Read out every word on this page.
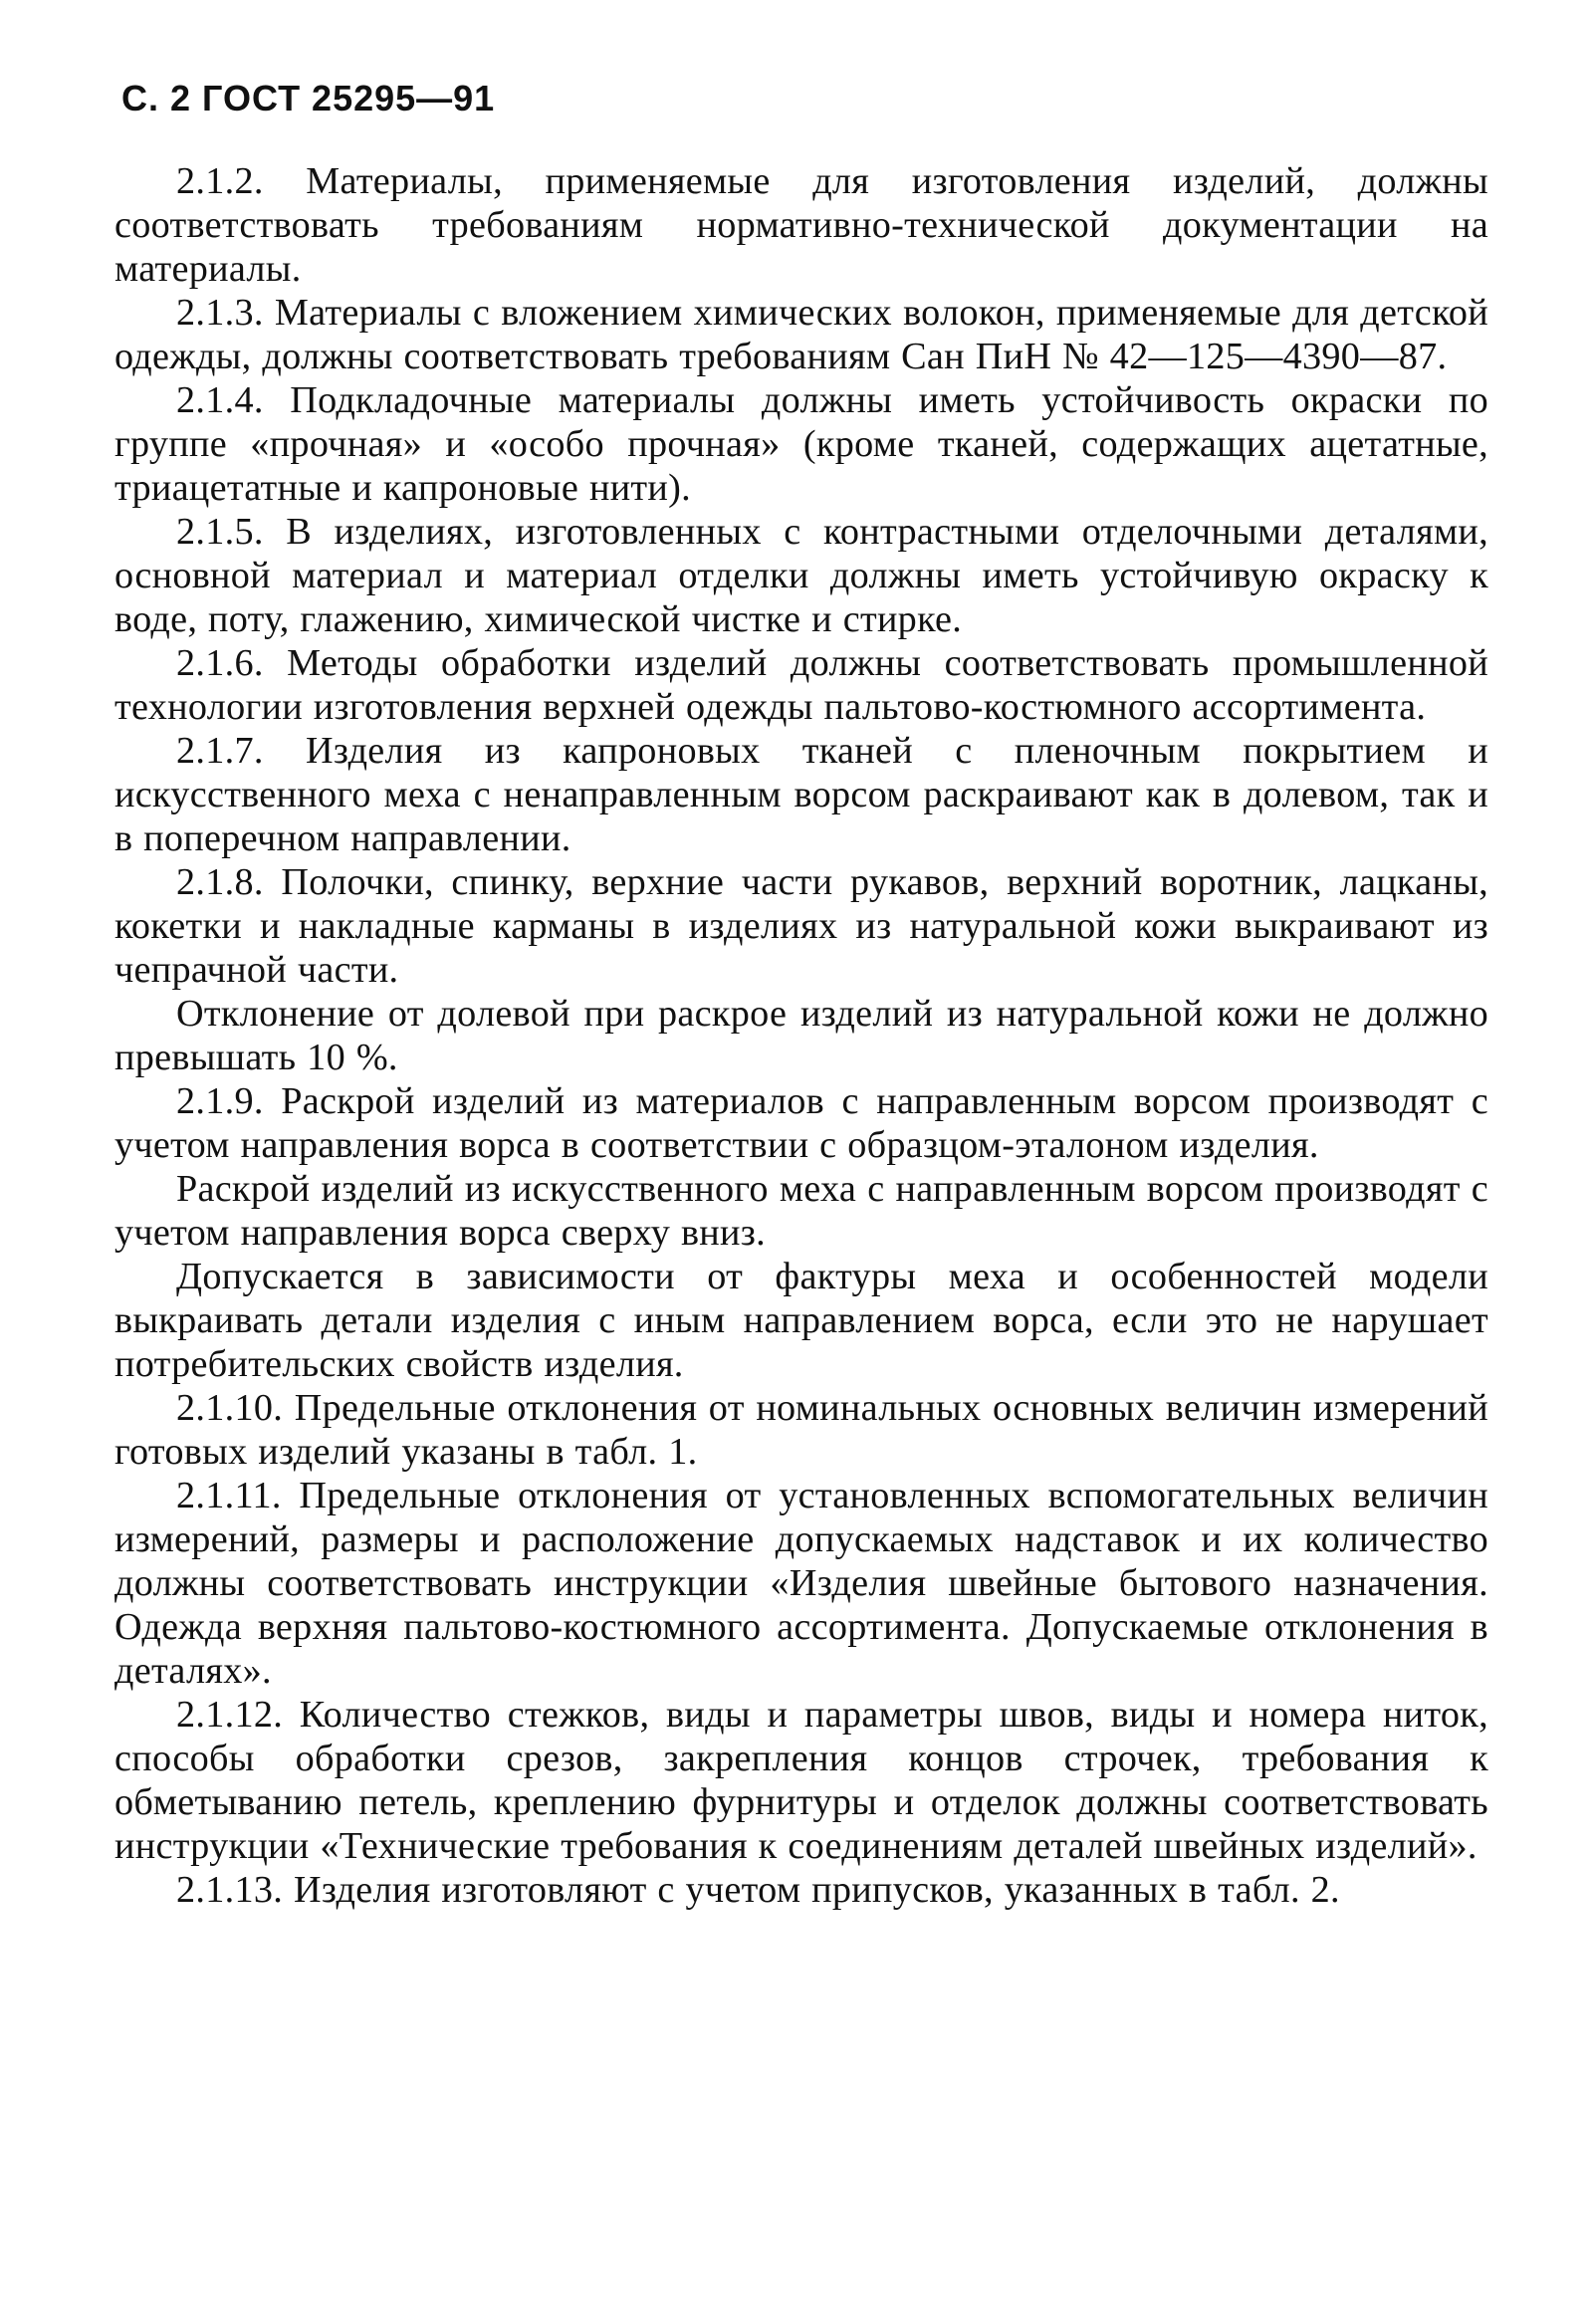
С. 2 ГОСТ 25295—91

2.1.2. Материалы, применяемые для изготовления изделий, должны соответствовать требованиям нормативно-технической документации на материалы.

2.1.3. Материалы с вложением химических волокон, применяемые для детской одежды, должны соответствовать требованиям Сан ПиН № 42—125—4390—87.

2.1.4. Подкладочные материалы должны иметь устойчивость окраски по группе «прочная» и «особо прочная» (кроме тканей, содержащих ацетатные, триацетатные и капроновые нити).

2.1.5. В изделиях, изготовленных с контрастными отделочными деталями, основной материал и материал отделки должны иметь устойчивую окраску к воде, поту, глажению, химической чистке и стирке.

2.1.6. Методы обработки изделий должны соответствовать промышленной технологии изготовления верхней одежды пальтово-костюмного ассортимента.

2.1.7. Изделия из капроновых тканей с пленочным покрытием и искусственного меха с ненаправленным ворсом раскраивают как в долевом, так и в поперечном направлении.

2.1.8. Полочки, спинку, верхние части рукавов, верхний воротник, лацканы, кокетки и накладные карманы в изделиях из натуральной кожи выкраивают из чепрачной части.

Отклонение от долевой при раскрое изделий из натуральной кожи не должно превышать 10 %.

2.1.9. Раскрой изделий из материалов с направленным ворсом производят с учетом направления ворса в соответствии с образцом-эталоном изделия.

Раскрой изделий из искусственного меха с направленным ворсом производят с учетом направления ворса сверху вниз.

Допускается в зависимости от фактуры меха и особенностей модели выкраивать детали изделия с иным направлением ворса, если это не нарушает потребительских свойств изделия.

2.1.10. Предельные отклонения от номинальных основных величин измерений готовых изделий указаны в табл. 1.

2.1.11. Предельные отклонения от установленных вспомогательных величин измерений, размеры и расположение допускаемых надставок и их количество должны соответствовать инструкции «Изделия швейные бытового назначения. Одежда верхняя пальтово-костюмного ассортимента. Допускаемые отклонения в деталях».

2.1.12. Количество стежков, виды и параметры швов, виды и номера ниток, способы обработки срезов, закрепления концов строчек, требования к обметыванию петель, креплению фурнитуры и отделок должны соответствовать инструкции «Технические требования к соединениям деталей швейных изделий».

2.1.13. Изделия изготовляют с учетом припусков, указанных в табл. 2.
